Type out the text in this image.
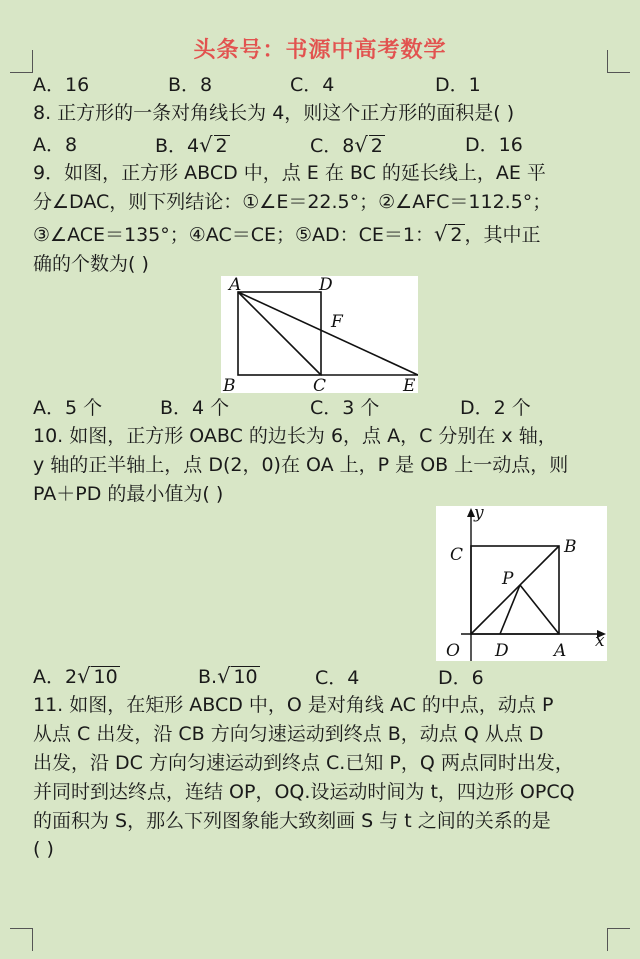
头条号：书源中高考数学
A．16	B．8	C．4	D．1
8. 正方形的一条对角线长为 4，则这个正方形的面积是( )
A．8	B．4√ 2	C．8√ 2	D．16
9．如图，正方形 ABCD 中，点 E 在 BC 的延长线上，AE 平
分∠DAC，则下列结论：①∠E＝22.5°；②∠AFC＝112.5°；
③∠ACE＝135°；④AC＝CE；⑤AD：CE＝1：√ 2 ，其中正
确的个数为( )
A	D
F
B	C	E
A．5 个	B．4 个	C．3 个	D．2 个
10. 如图，正方形 OABC 的边长为 6，点 A，C 分别在 x 轴，
y 轴的正半轴上，点 D(2，0)在 OA 上，P 是 OB 上一动点，则
PA＋PD 的最小值为( )
y
C	B
P
O D	A x
A．2√ 10	B.√ 10	C．4	D．6
11. 如图，在矩形 ABCD 中，O 是对角线 AC 的中点，动点 P
从点 C 出发，沿 CB 方向匀速运动到终点 B，动点 Q 从点 D
出发，沿 DC 方向匀速运动到终点 C.已知 P，Q 两点同时出发，
并同时到达终点，连结 OP，OQ.设运动时间为 t，四边形 OPCQ
的面积为 S，那么下列图象能大致刻画 S 与 t 之间的关系的是
( )
